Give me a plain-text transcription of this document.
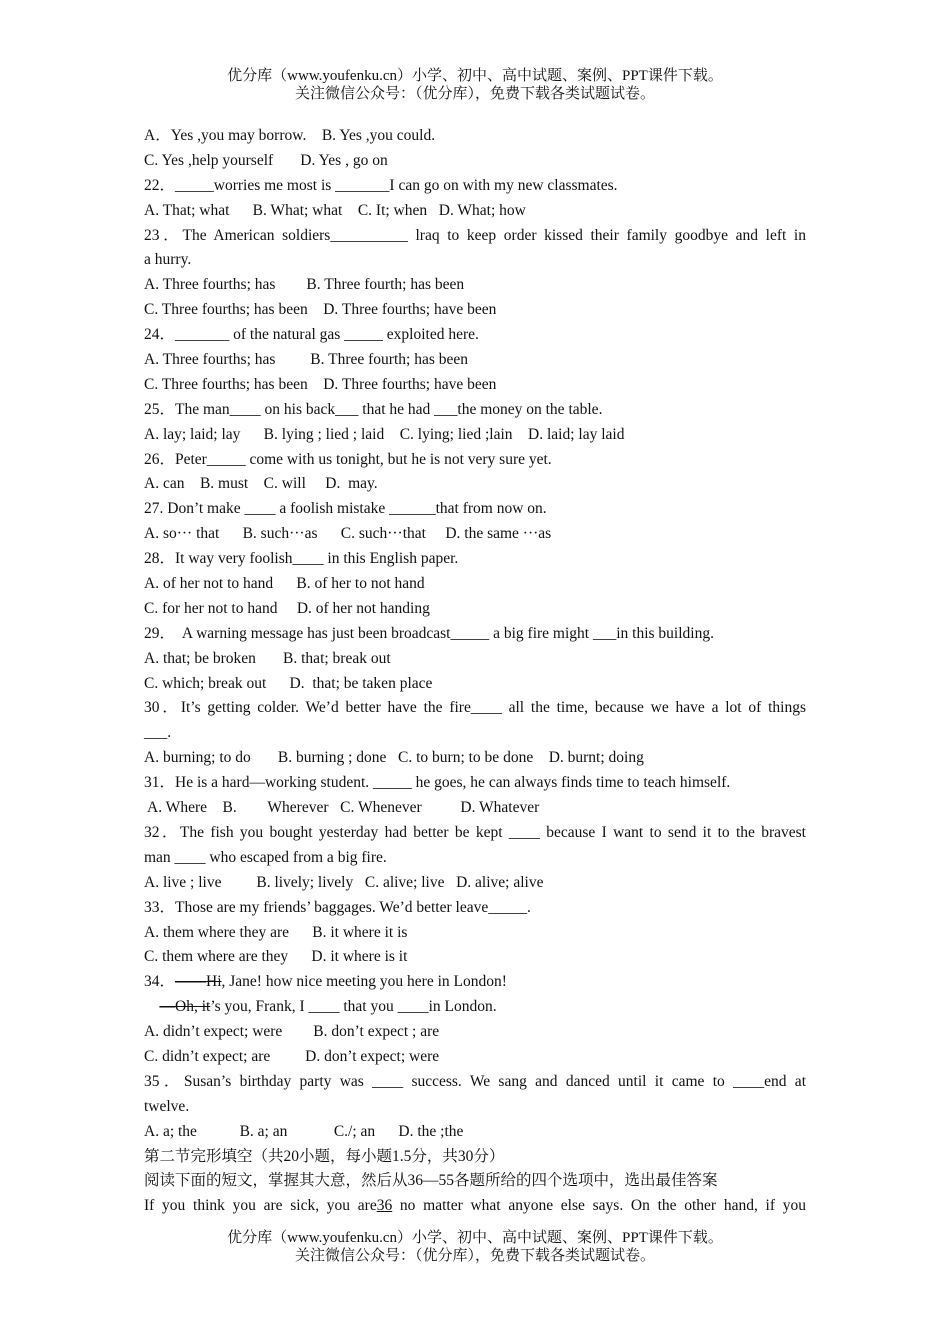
优分库（www.youfenku.cn）小学、初中、高中试题、案例、PPT课件下载。
关注微信公众号：（优分库），免费下载各类试题试卷。
A．Yes ,you may borrow.    B. Yes ,you could.
C. Yes ,help yourself       D. Yes , go on
22．_____worries me most is _______I can go on with my new classmates.
A. That; what      B. What; what    C. It; when   D. What; how
23．The American soldiers__________ lraq to keep order kissed their family goodbye and left in
a hurry.
A. Three fourths; has        B. Three fourth; has been
C. Three fourths; has been    D. Three fourths; have been
24．_______ of the natural gas _____ exploited here.
A. Three fourths; has         B. Three fourth; has been
C. Three fourths; has been    D. Three fourths; have been
25．The man____ on his back___ that he had ___the money on the table.
A. lay; laid; lay      B. lying ; lied ; laid    C. lying; lied ;lain    D. laid; lay laid
26．Peter_____ come with us tonight, but he is not very sure yet.
A. can    B. must    C. will     D.  may.
27. Don’t make ____ a foolish mistake ______that from now on.
A. so··· that      B. such···as      C. such···that     D. the same ···as
28．It way very foolish____ in this English paper.
A. of her not to hand      B. of her to not hand
C. for her not to hand     D. of her not handing
29．  A warning message has just been broadcast_____ a big fire might ___in this building.
A. that; be broken       B. that; break out
C. which; break out      D.  that; be taken place
30．It’s getting colder. We’d better have the fire____ all the time, because we have a lot of things
___.
A. burning; to do       B. burning ; done   C. to burn; to be done    D. burnt; doing
31．He is a hard—working student. _____ he goes, he can always finds time to teach himself.
A. Where    B.        Wherever   C. Whenever          D. Whatever
32．The fish you bought yesterday had better be kept ____ because I want to send it to the bravest
man ____ who escaped from a big fire.
A. live ; live         B. lively; lively   C. alive; live   D. alive; alive
33．Those are my friends’ baggages. We’d better leave_____.
A. them where they are      B. it where it is
C. them where are they      D. it where is it
34．——Hi, Jane! how nice meeting you here in London!
—Oh, it’s you, Frank, I ____ that you ____in London.
A. didn’t expect; were        B. don’t expect ; are
C. didn’t expect; are         D. don’t expect; were
35．Susan’s birthday party was ____ success. We sang and danced until it came to ____end at
twelve.
A. a; the           B. a; an            C./; an      D. the ;the
第二节完形填空（共20小题，每小题1.5分，共30分）
阅读下面的短文，掌握其大意，然后从36—55各题所给的四个选项中，选出最佳答案
If you think you are sick, you are36 no matter what anyone else says. On the other hand, if you
优分库（www.youfenku.cn）小学、初中、高中试题、案例、PPT课件下载。
关注微信公众号：（优分库），免费下载各类试题试卷。
